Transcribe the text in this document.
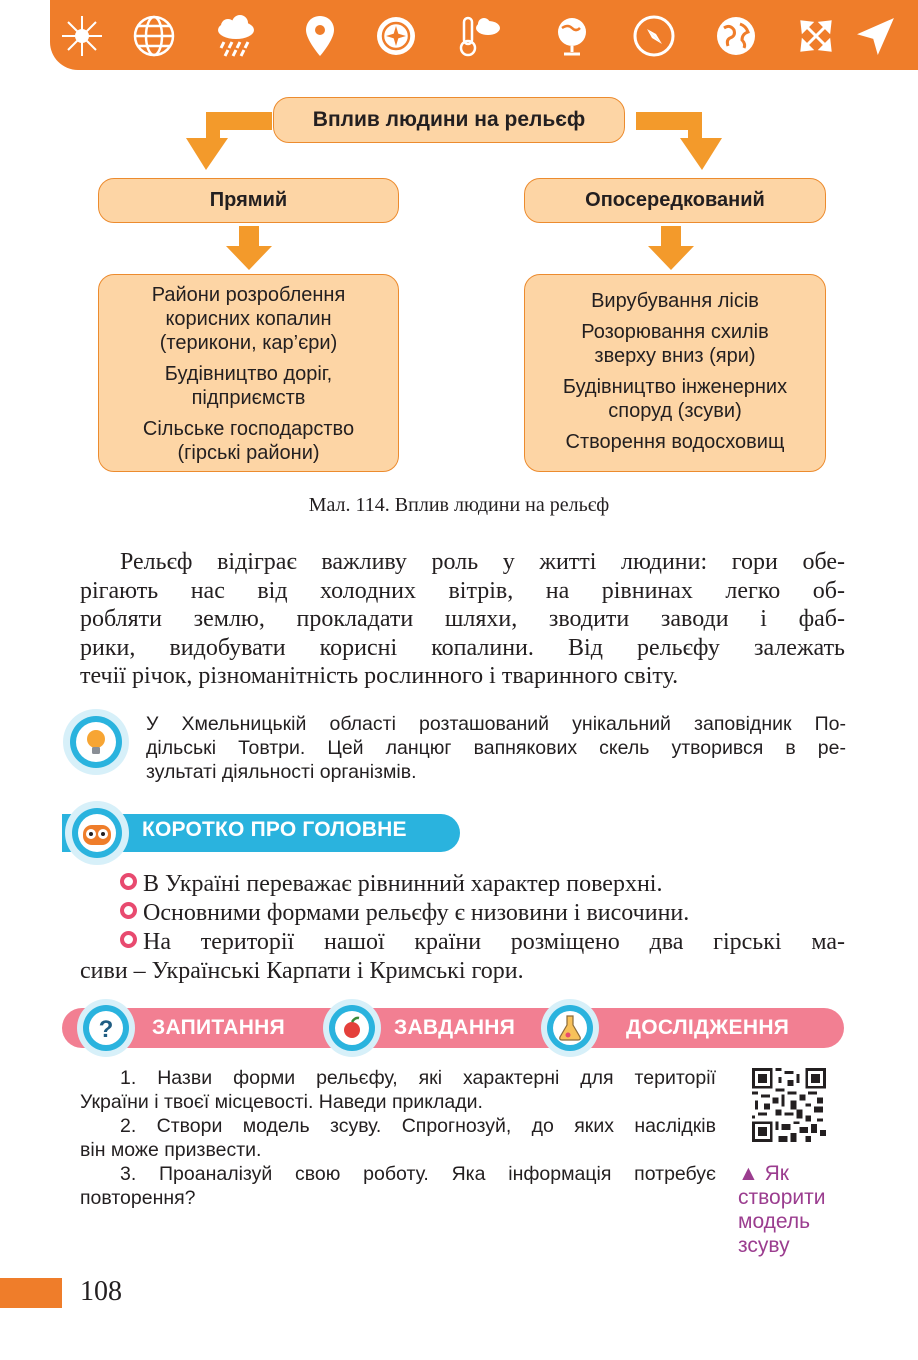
Вплив людини на рельєф
Прямий	Опосередкований
Райони розроблення
корисних копалин
(терикони, кар’єри)
Будівництво доріг,
підприємств
Сільське господарство
(гірські райони)
Вирубування лісів
Розорювання схилів
зверху вниз (яри)
Будівництво інженерних
споруд (зсуви)
Створення водосховищ
Мал. 114. Вплив людини на рельєф
Рельєф відіграє важливу роль у житті людини: гори обе-
рігають нас від холодних вітрів, на рівнинах легко об-
робляти землю, прокладати шляхи, зводити заводи і фаб-
рики, видобувати корисні копалини. Від рельєфу залежать
течії річок, різноманітність рослинного і тваринного світу.
У Хмельницькій області розташований унікальний заповідник По-
дільські Товтри. Цей ланцюг вапнякових скель утворився в ре-
зультаті діяльності організмів.
КОРОТКО ПРО ГОЛОВНЕ
В Україні переважає рівнинний характер поверхні.
Основними формами рельєфу є низовини і височини.
На території нашої країни розміщено два гірські ма-
сиви – Українські Карпати і Кримські гори.
? ЗАПИТАННЯ	ЗАВДАННЯ	ДОСЛІДЖЕННЯ
1. Назви форми рельєфу, які характерні для території
України і твоєї місцевості. Наведи приклади.
2. Створи модель зсуву. Спрогнозуй, до яких наслідків
він може призвести.
3. Проаналізуй свою роботу. Яка інформація потребує
повторення?
▲ Як
створити
модель
зсуву
108
